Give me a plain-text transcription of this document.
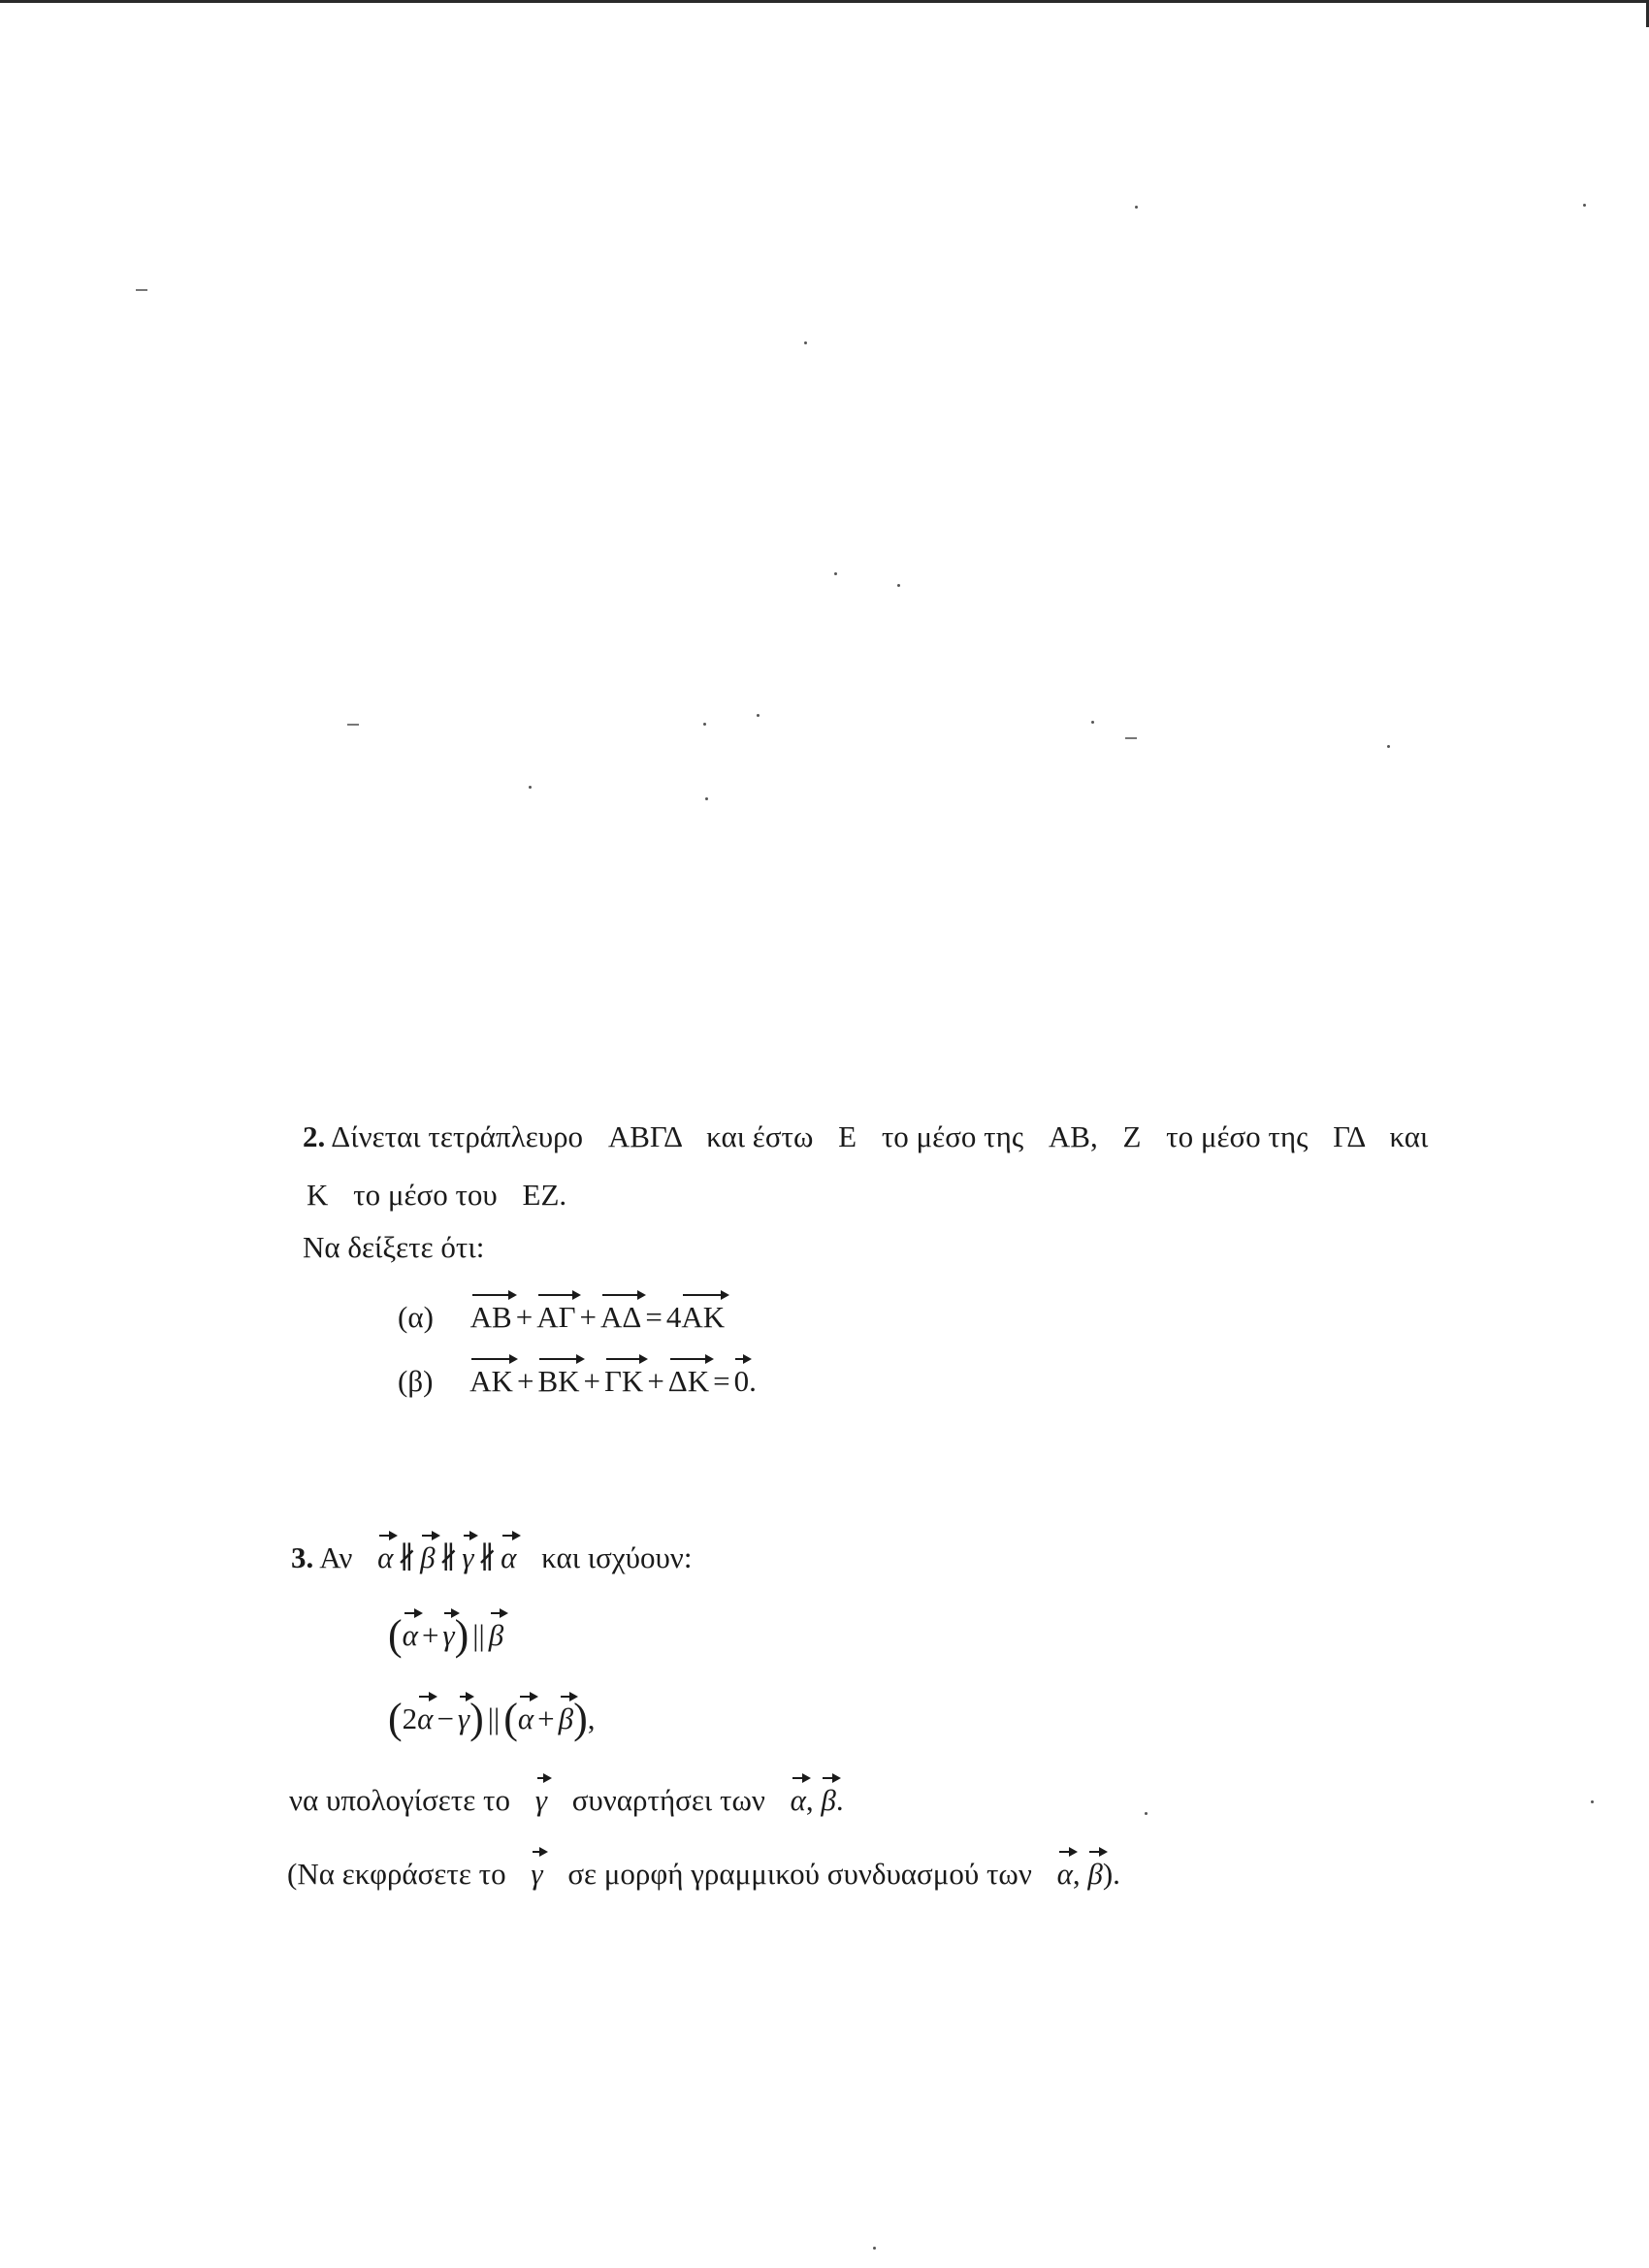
2. Δίνεται τετράπλευρο ΑΒΓΔ και έστω Ε το μέσο της ΑΒ, Ζ το μέσο της ΓΔ και
Κ το μέσο του ΕΖ.
Να δείξετε ότι:
(α) ΑΒ + ΑΓ + ΑΔ = 4
ΑΚ
(β) ΑΚ + ΒΚ + ΓΚ + ΔΚ = 0.
3. Αν α ∦ β ∦ γ ∦ α και ισχύουν:
(
α + γ) || β
(2
α − γ) ||(
α + β),
να υπολογίσετε το γ συναρτήσει των α, β.
(Να εκφράσετε το γ σε μορφή γραμμικού συνδυασμού των α, β).
